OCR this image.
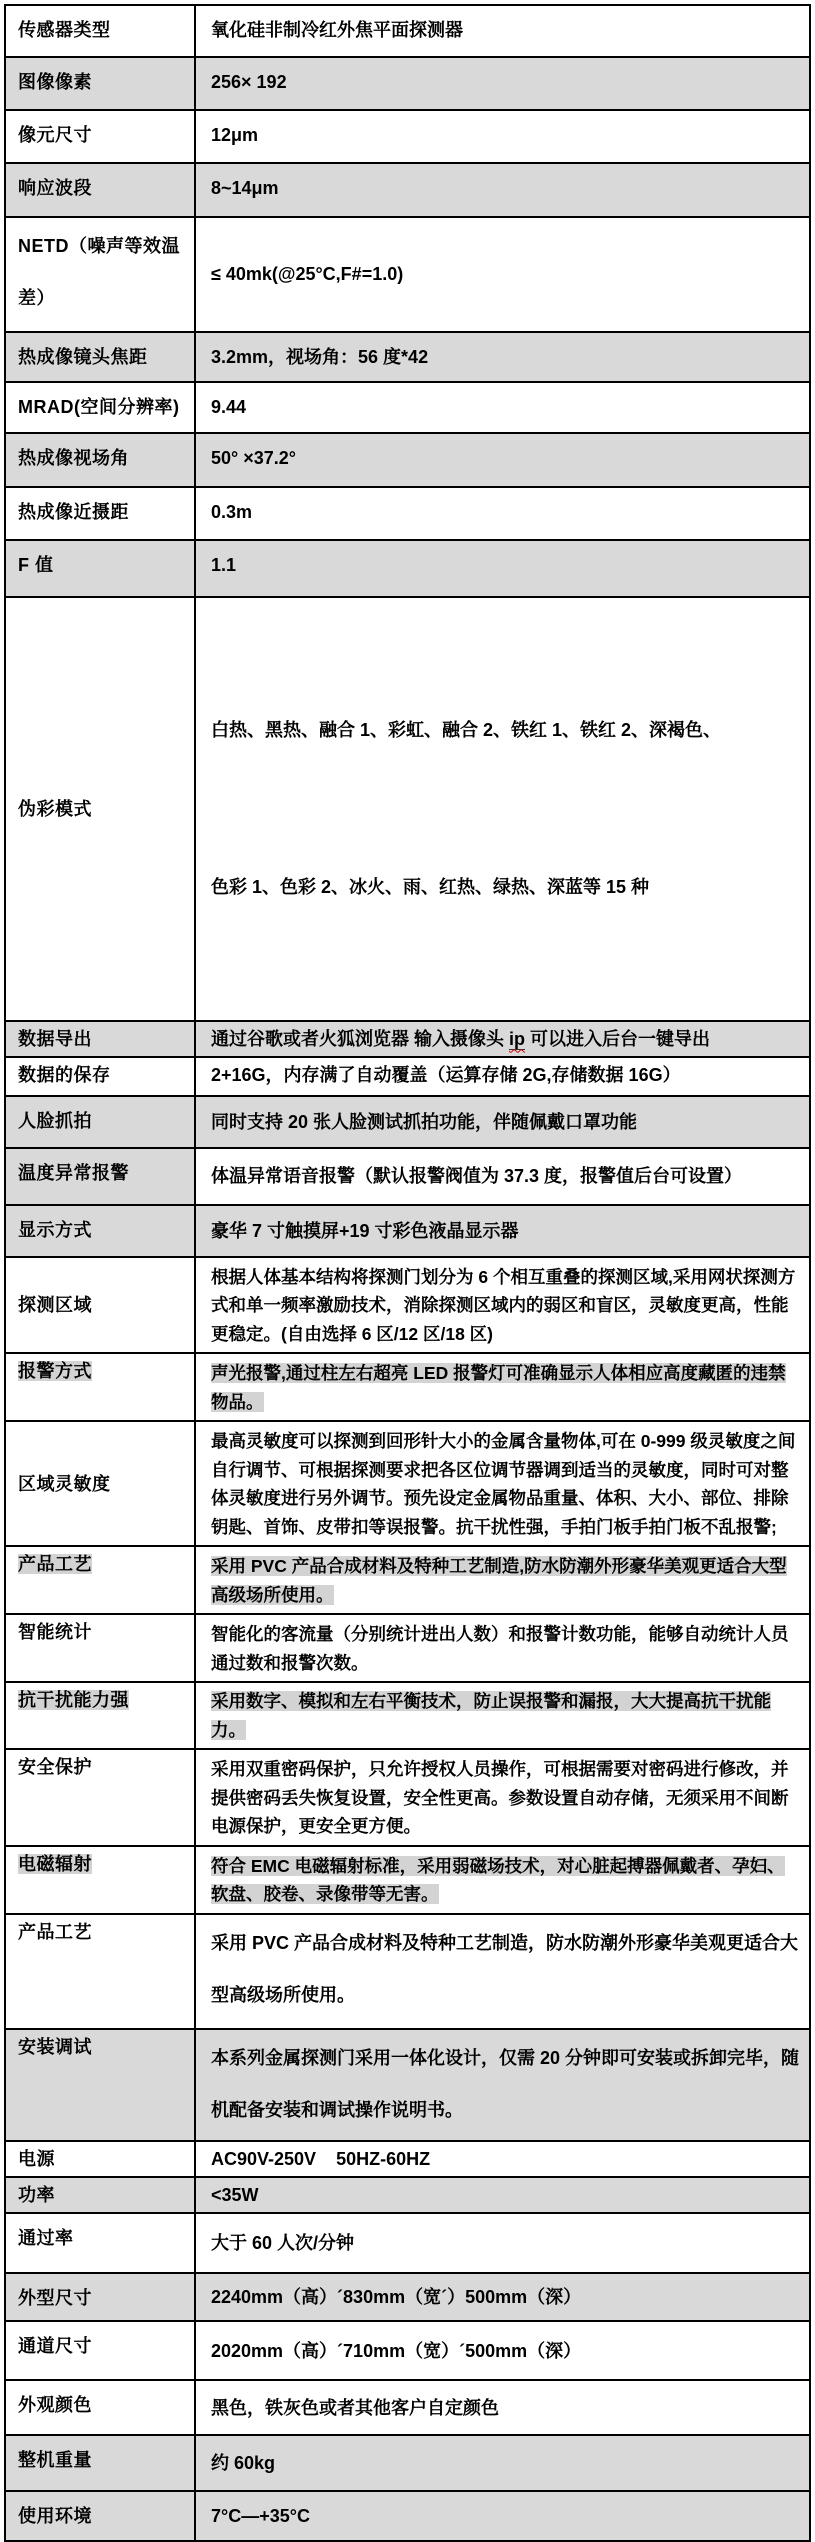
传感器类型	氧化硅非制冷红外焦平面探测器
图像像素	256× 192
像元尺寸	12μm
响应波段	8~14μm
NETD（噪声等效温差）	≤ 40mk(@25°C,F#=1.0)
热成像镜头焦距	3.2mm，视场角：56 度*42
MRAD(空间分辨率)	9.44
热成像视场角	50° ×37.2°
热成像近摄距	0.3m
F 值	1.1
伪彩模式	白热、黑热、融合 1、彩虹、融合 2、铁红 1、铁红 2、深褐色、

色彩 1、色彩 2、冰火、雨、红热、绿热、深蓝等 15 种

数据导出	通过谷歌或者火狐浏览器 输入摄像头 ip 可以进入后台一键导出
数据的保存	2+16G，内存满了自动覆盖（运算存储 2G,存储数据 16G）
人脸抓拍	同时支持 20 张人脸测试抓拍功能，伴随佩戴口罩功能
温度异常报警	体温异常语音报警（默认报警阀值为 37.3 度，报警值后台可设置）
显示方式	豪华 7 寸触摸屏+19 寸彩色液晶显示器
探测区域	根据人体基本结构将探测门划分为 6 个相互重叠的探测区域,采用网状探测方式和单一频率激励技术，消除探测区域内的弱区和盲区，灵敏度更高，性能更稳定。(自由选择 6 区/12 区/18 区)
报警方式	声光报警,通过柱左右超亮 LED 报警灯可准确显示人体相应高度藏匿的违禁物品。
区域灵敏度	最高灵敏度可以探测到回形针大小的金属含量物体,可在 0-999 级灵敏度之间自行调节、可根据探测要求把各区位调节器调到适当的灵敏度，同时可对整体灵敏度进行另外调节。预先设定金属物品重量、体积、大小、部位、排除钥匙、首饰、皮带扣等误报警。抗干扰性强，手拍门板手拍门板不乱报警;
产品工艺	采用 PVC 产品合成材料及特种工艺制造,防水防潮外形豪华美观更适合大型高级场所使用。
智能统计	智能化的客流量（分别统计进出人数）和报警计数功能，能够自动统计人员通过数和报警次数。
抗干扰能力强	采用数字、模拟和左右平衡技术，防止误报警和漏报，大大提高抗干扰能力。
安全保护	采用双重密码保护，只允许授权人员操作，可根据需要对密码进行修改，并提供密码丢失恢复设置，安全性更高。参数设置自动存储，无须采用不间断电源保护，更安全更方便。
电磁辐射	符合 EMC 电磁辐射标准，采用弱磁场技术，对心脏起搏器佩戴者、孕妇、软盘、胶卷、录像带等无害。
产品工艺	采用 PVC 产品合成材料及特种工艺制造，防水防潮外形豪华美观更适合大型高级场所使用。
安装调试	本系列金属探测门采用一体化设计，仅需 20 分钟即可安装或拆卸完毕，随机配备安装和调试操作说明书。
电源	AC90V-250V    50HZ-60HZ
功率	<35W
通过率	大于 60 人次/分钟
外型尺寸	2240mm（高）´830mm（宽´）500mm（深）
通道尺寸	2020mm（高）´710mm（宽）´500mm（深）
外观颜色	黑色，铁灰色或者其他客户自定颜色
整机重量	约 60kg
使用环境	7°C—+35°C
